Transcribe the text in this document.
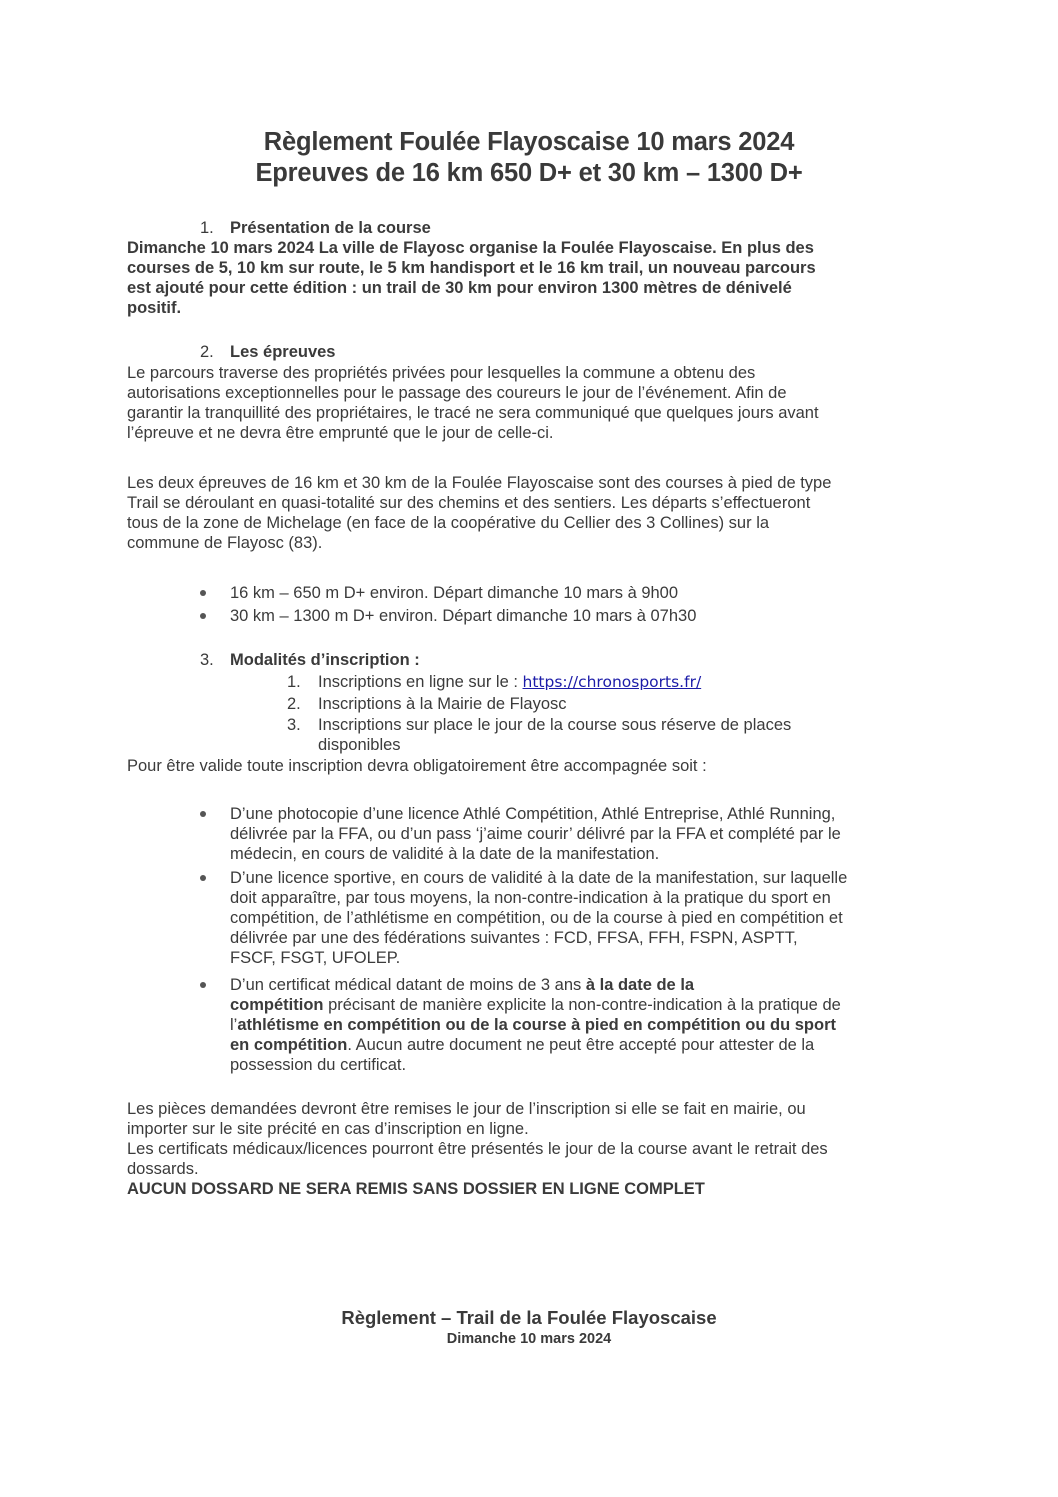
Règlement Foulée Flayoscaise 10 mars 2024
Epreuves de 16 km 650 D+ et 30 km – 1300 D+
1. Présentation de la course
Dimanche 10 mars 2024 La ville de Flayosc organise la Foulée Flayoscaise. En plus des
courses de 5, 10 km sur route, le 5 km handisport et le 16 km trail, un nouveau parcours
est ajouté pour cette édition : un trail de 30 km pour environ 1300 mètres de dénivelé
positif.
2. Les épreuves
Le parcours traverse des propriétés privées pour lesquelles la commune a obtenu des
autorisations exceptionnelles pour le passage des coureurs le jour de l’événement. Afin de
garantir la tranquillité des propriétaires, le tracé ne sera communiqué que quelques jours avant
l’épreuve et ne devra être emprunté que le jour de celle-ci.
Les deux épreuves de 16 km et 30 km de la Foulée Flayoscaise sont des courses à pied de type
Trail se déroulant en quasi-totalité sur des chemins et des sentiers. Les départs s’effectueront
tous de la zone de Michelage (en face de la coopérative du Cellier des 3 Collines) sur la
commune de Flayosc (83).
16 km – 650 m D+ environ. Départ dimanche 10 mars à 9h00
30 km – 1300 m D+ environ. Départ dimanche 10 mars à 07h30
3. Modalités d’inscription :
1. Inscriptions en ligne sur le : https://chronosports.fr/
2. Inscriptions à la Mairie de Flayosc
3. Inscriptions sur place le jour de la course sous réserve de places
disponibles
Pour être valide toute inscription devra obligatoirement être accompagnée soit :
D’une photocopie d’une licence Athlé Compétition, Athlé Entreprise, Athlé Running,
délivrée par la FFA, ou d’un pass ‘j’aime courir’ délivré par la FFA et complété par le
médecin, en cours de validité à la date de la manifestation.
D’une licence sportive, en cours de validité à la date de la manifestation, sur laquelle
doit apparaître, par tous moyens, la non-contre-indication à la pratique du sport en
compétition, de l’athlétisme en compétition, ou de la course à pied en compétition et
délivrée par une des fédérations suivantes : FCD, FFSA, FFH, FSPN, ASPTT,
FSCF, FSGT, UFOLEP.
D’un certificat médical datant de moins de 3 ans à la date de la
compétition précisant de manière explicite la non-contre-indication à la pratique de
l’athlétisme en compétition ou de la course à pied en compétition ou du sport
en compétition. Aucun autre document ne peut être accepté pour attester de la
possession du certificat.
Les pièces demandées devront être remises le jour de l’inscription si elle se fait en mairie, ou
importer sur le site précité en cas d’inscription en ligne.
Les certificats médicaux/licences pourront être présentés le jour de la course avant le retrait des
dossards.
AUCUN DOSSARD NE SERA REMIS SANS DOSSIER EN LIGNE COMPLET
Règlement – Trail de la Foulée Flayoscaise
Dimanche 10 mars 2024
